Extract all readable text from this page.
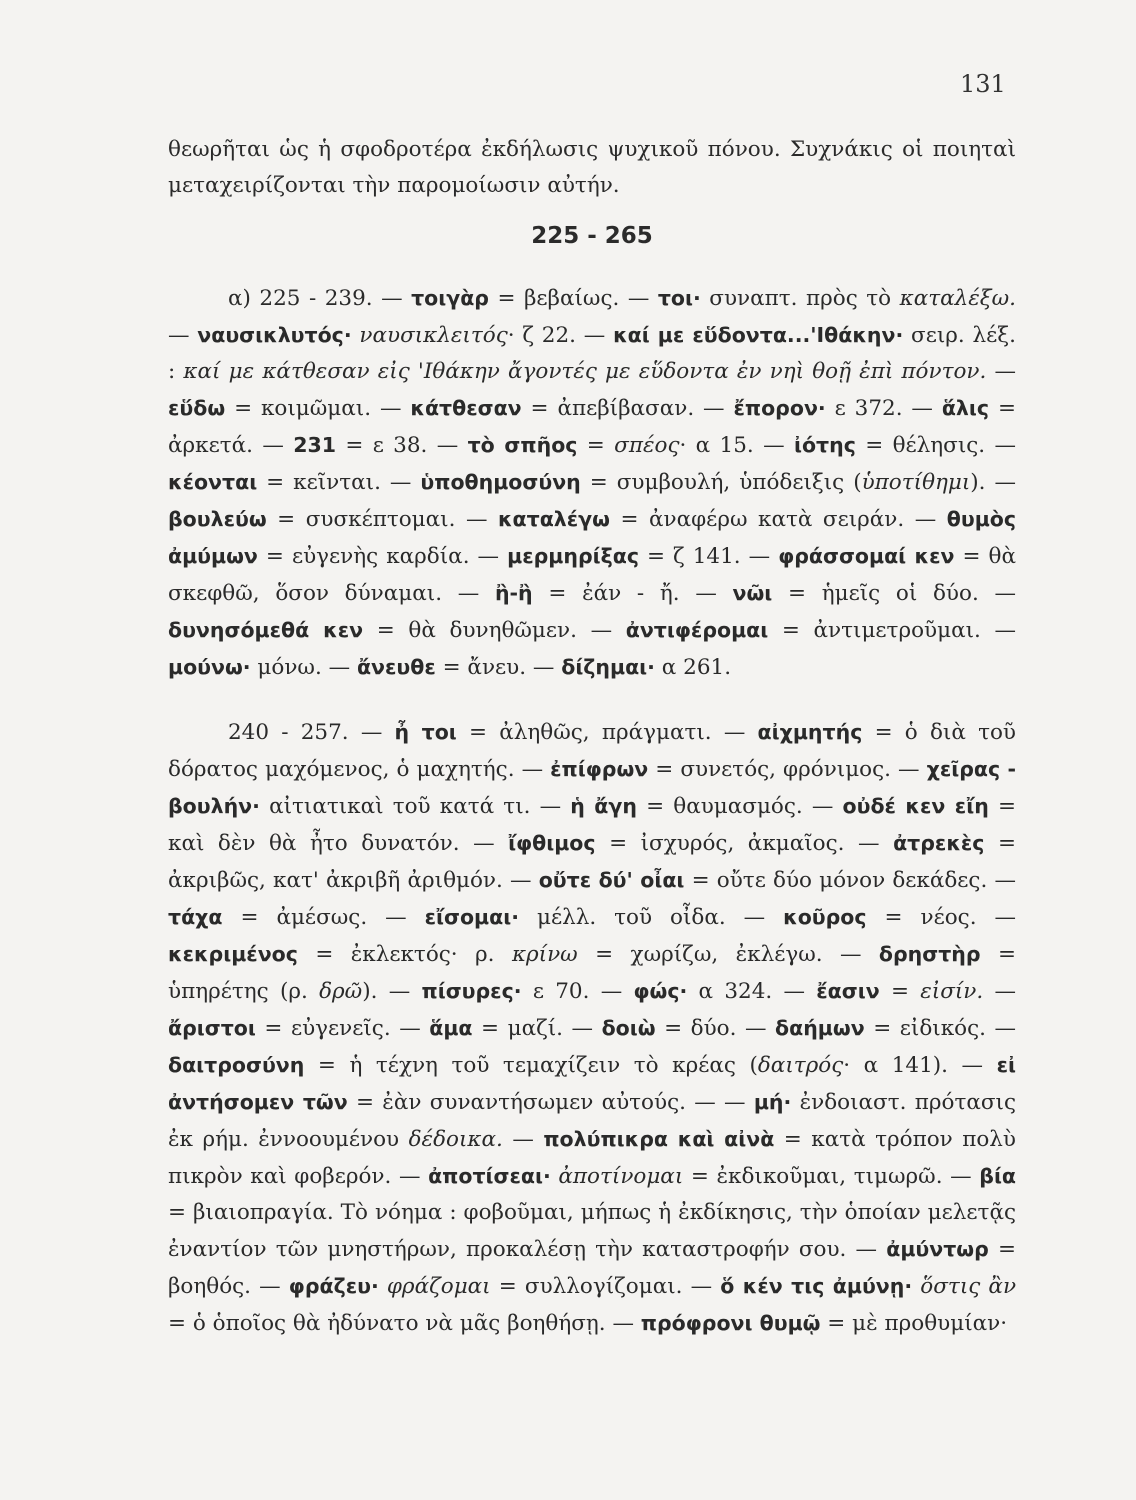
131

θεωρῆται ὡς ἡ σφοδροτέρα ἐκδήλωσις ψυχικοῦ πόνου. Συχνάκις οἱ ποιηταὶ μεταχειρίζονται τὴν παρομοίωσιν αὐτήν.

225 - 265

α) 225 - 239. — τοιγὰρ = βεβαίως. — τοι· συναπτ. πρὸς τὸ καταλέξω. — ναυσικλυτός· ναυσικλειτός· ζ 22. — καί με εὕδοντα...'Ιθάκην· σειρ. λέξ. : καί με κάτθεσαν εἰς 'Ιθάκην ἄγοντές με εὕδοντα ἐν νηὶ θοῇ ἐπὶ πόντον. — εὕδω = κοιμῶμαι. — κάτθεσαν = ἀπεβίβασαν. — ἔπορον· ε 372. — ἅλις = ἀρκετά. — 231 = ε 38. — τὸ σπῆος = σπέος· α 15. — ἰότης = θέλησις. — κέονται = κεῖνται. — ὑποθημοσύνη = συμβουλή, ὑπόδειξις (ὑποτίθημι). — βουλεύω = συσκέπτομαι. — καταλέγω = ἀναφέρω κατὰ σειράν. — θυμὸς ἀμύμων = εὐγενὴς καρδία. — μερμηρίξας = ζ 141. — φράσσομαί κεν = θὰ σκεφθῶ, ὅσον δύναμαι. — ἢ-ἢ = ἐάν - ἤ. — νῶι = ἡμεῖς οἱ δύο. — δυνησόμεθά κεν = θὰ δυνηθῶμεν. — ἀντιφέρομαι = ἀντιμετροῦμαι. — μούνω· μόνω. — ἄνευθε = ἄνευ. — δίζημαι· α 261.

240 - 257. — ἦ τοι = ἀληθῶς, πράγματι. — αἰχμητής = ὁ διὰ τοῦ δόρατος μαχόμενος, ὁ μαχητής. — ἐπίφρων = συνετός, φρόνιμος. — χεῖρας - βουλήν· αἰτιατικαὶ τοῦ κατά τι. — ἡ ἄγη = θαυμασμός. — οὐδέ κεν εἴη = καὶ δὲν θὰ ἦτο δυνατόν. — ἴφθιμος = ἰσχυρός, ἀκμαῖος. — ἀτρεκὲς = ἀκριβῶς, κατ' ἀκριβῆ ἀριθμόν. — οὔτε δύ' οἶαι = οὔτε δύο μόνον δεκάδες. — τάχα = ἀμέσως. — εἴσομαι· μέλλ. τοῦ οἶδα. — κοῦρος = νέος. — κεκριμένος = ἐκλεκτός· ρ. κρίνω = χωρίζω, ἐκλέγω. — δρηστὴρ = ὑπηρέτης (ρ. δρῶ). — πίσυρες· ε 70. — φώς· α 324. — ἔασιν = εἰσίν. — ἄριστοι = εὐγενεῖς. — ἅμα = μαζί. — δοιὼ = δύο. — δαήμων = εἰδικός. — δαιτροσύνη = ἡ τέχνη τοῦ τεμαχίζειν τὸ κρέας (δαιτρός· α 141). — εἰ ἀντήσομεν τῶν = ἐὰν συναντήσωμεν αὐτούς. — — μή· ἐνδοιαστ. πρότασις ἐκ ρήμ. ἐννοουμένου δέδοικα. — πολύπικρα καὶ αἰνὰ = κατὰ τρόπον πολὺ πικρὸν καὶ φοβερόν. — ἀποτίσεαι· ἀποτίνομαι = ἐκδικοῦμαι, τιμωρῶ. — βία = βιαιοπραγία. Τὸ νόημα : φοβοῦμαι, μήπως ἡ ἐκδίκησις, τὴν ὁποίαν μελετᾷς ἐναντίον τῶν μνηστήρων, προκαλέσῃ τὴν καταστροφήν σου. — ἀμύντωρ = βοηθός. — φράζευ· φράζομαι = συλλογίζομαι. — ὅ κέν τις ἀμύνῃ· ὅστις ἂν = ὁ ὁποῖος θὰ ἠδύνατο νὰ μᾶς βοηθήσῃ. — πρόφρονι θυμῷ = μὲ προθυμίαν·
